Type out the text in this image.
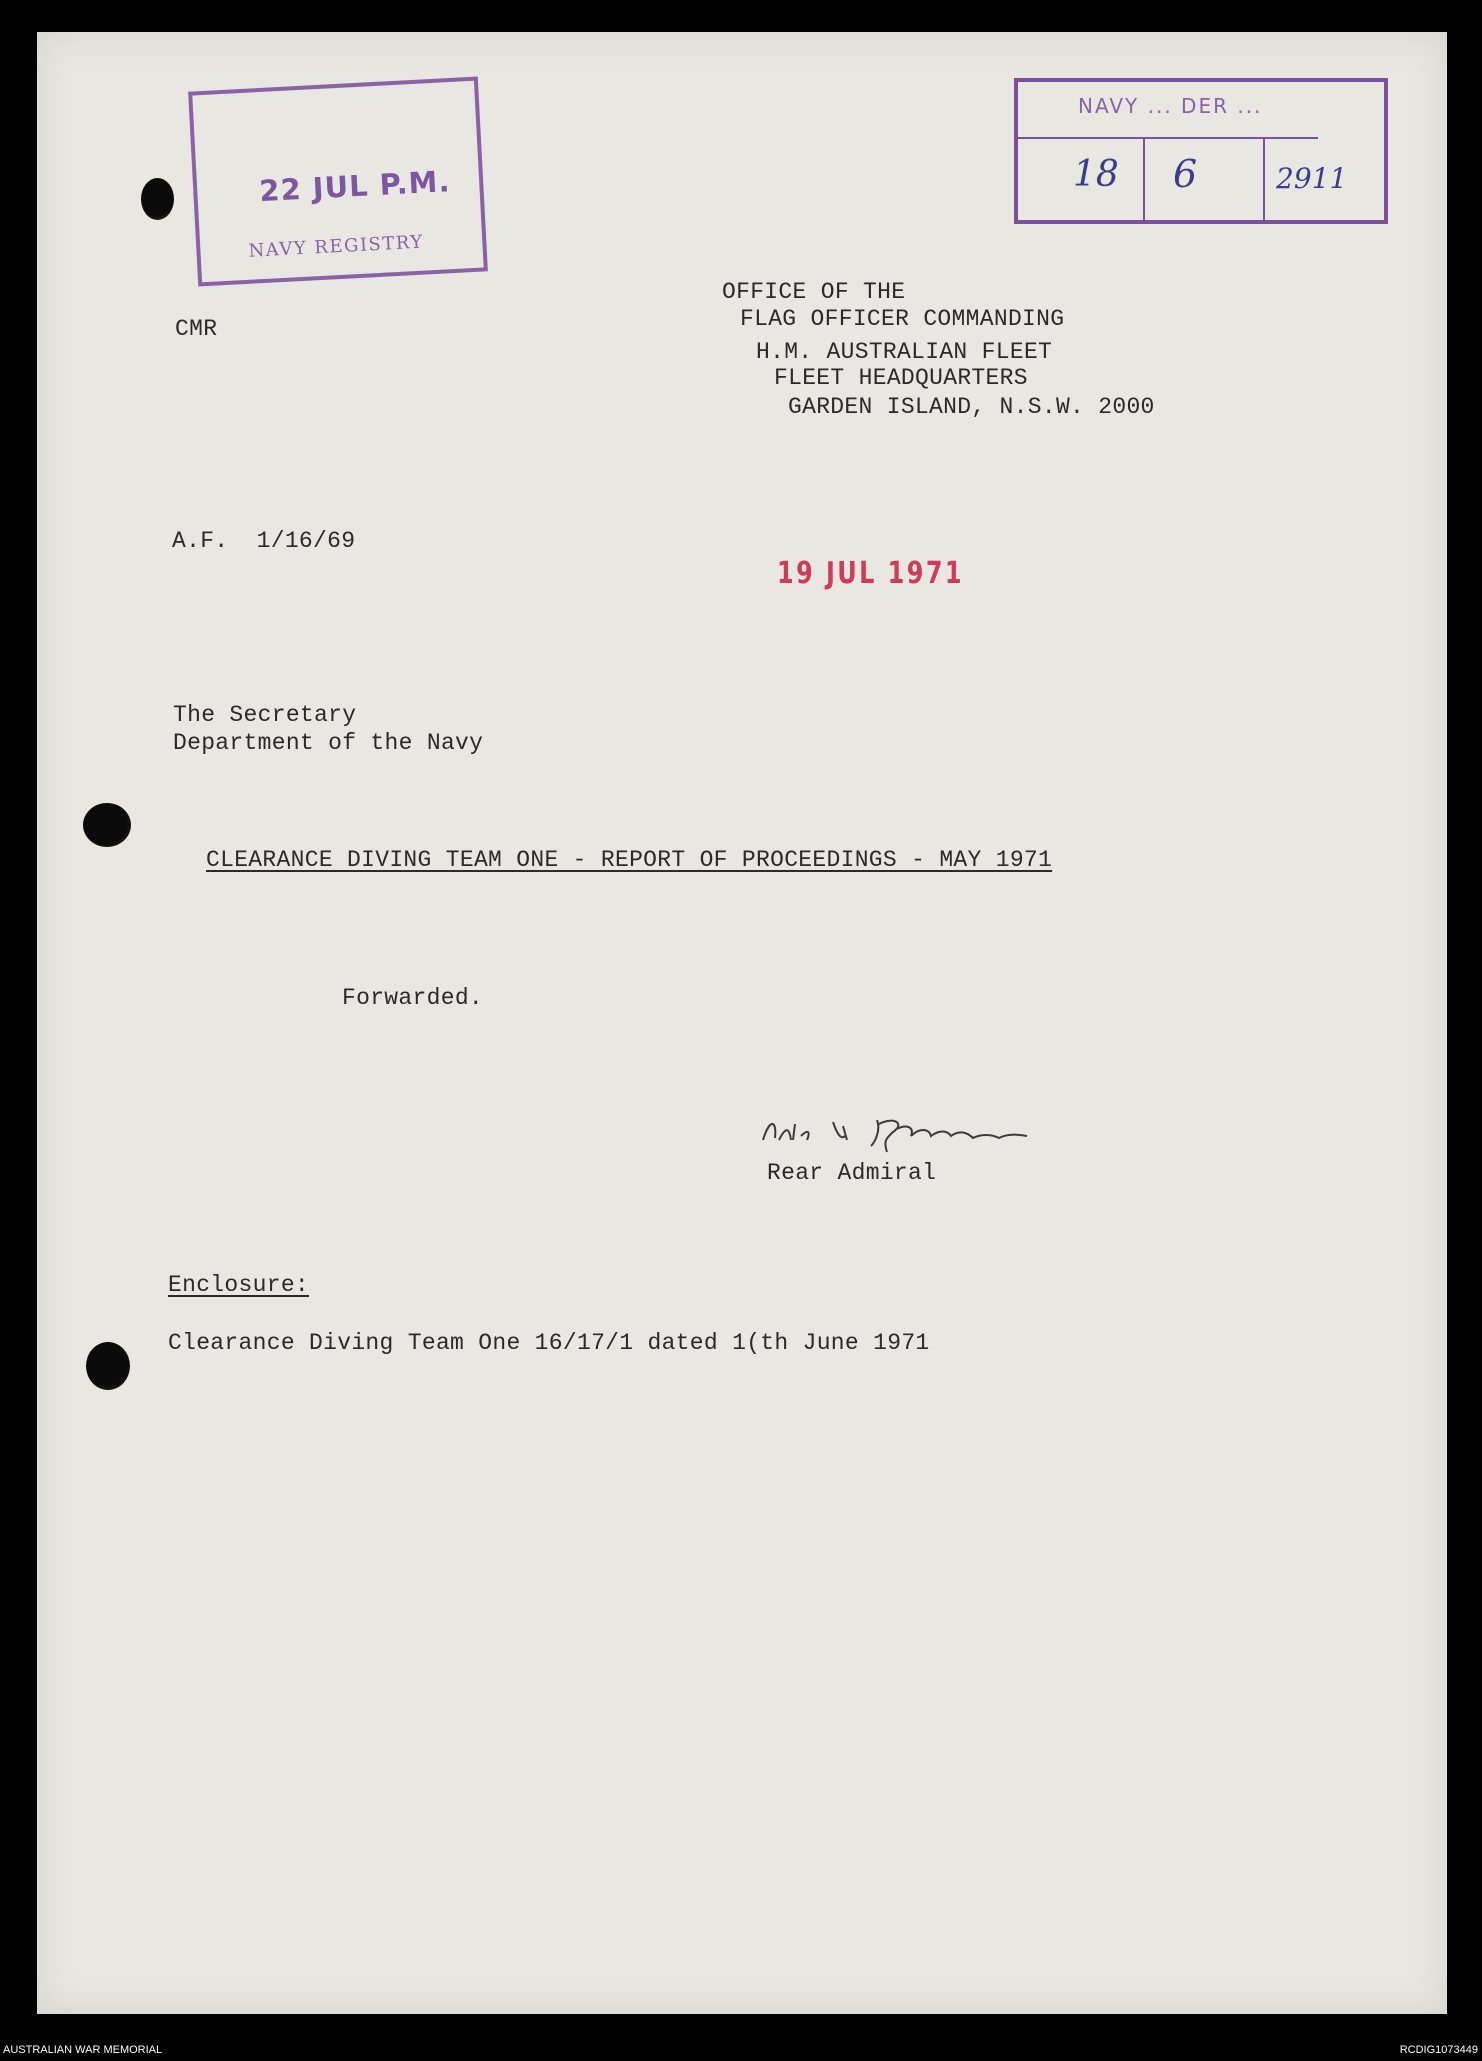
22 JUL P.M.
NAVY REGISTRY
NAVY ... DER ...
18 6	2911
CMR
OFFICE OF THE
FLAG OFFICER COMMANDING
H.M. AUSTRALIAN FLEET
FLEET HEADQUARTERS
GARDEN ISLAND, N.S.W. 2000
A.F.  1/16/69
19 JUL 1971
The Secretary
Department of the Navy
CLEARANCE DIVING TEAM ONE - REPORT OF PROCEEDINGS - MAY 1971
Forwarded.
Rear Admiral
Enclosure:
Clearance Diving Team One 16/17/1 dated 1(th June 1971
AUSTRALIAN WAR MEMORIAL	RCDIG1073449
